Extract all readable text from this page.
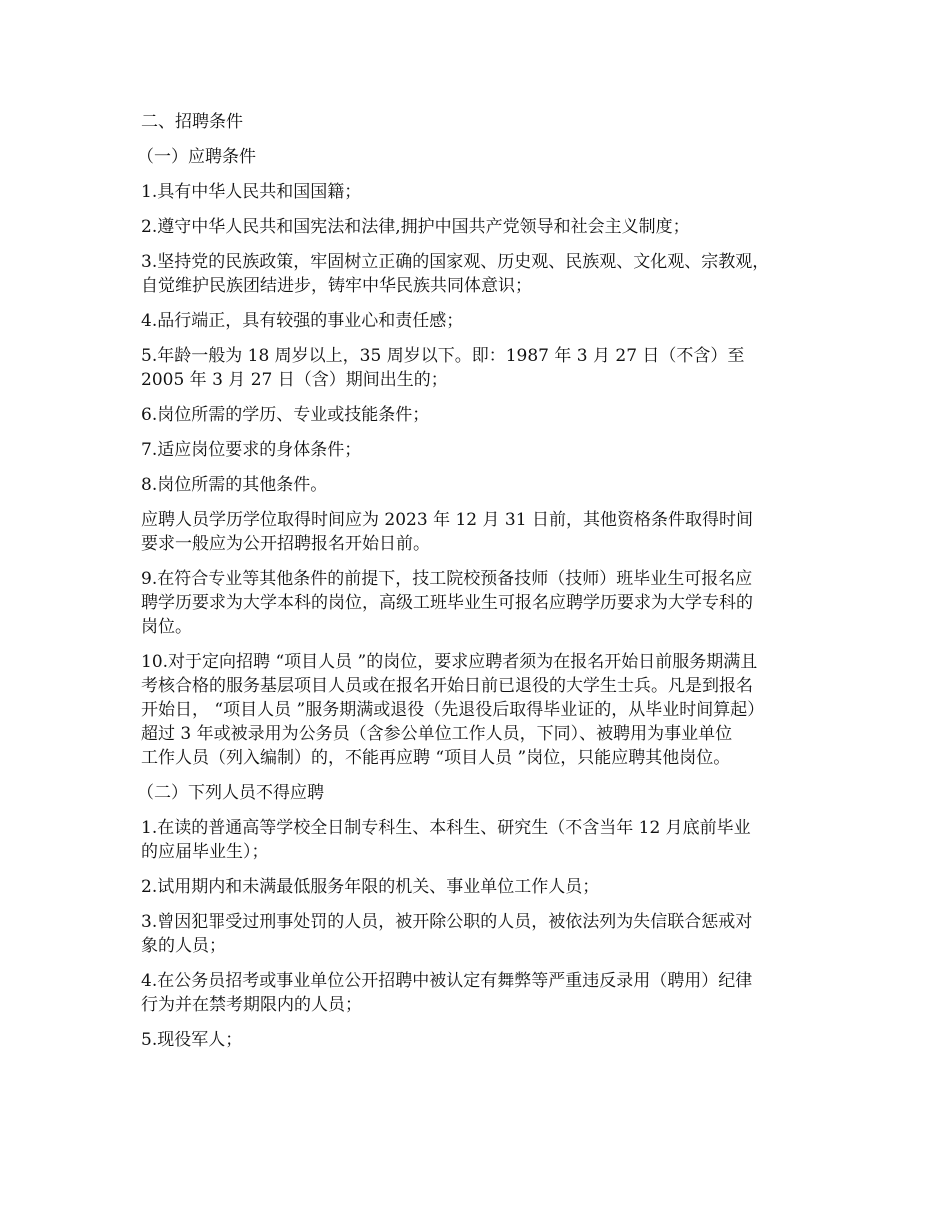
二、招聘条件
（一）应聘条件
1.具有中华人民共和国国籍；
2.遵守中华人民共和国宪法和法律,拥护中国共产党领导和社会主义制度；
3.坚持党的民族政策，牢固树立正确的国家观、历史观、民族观、文化观、宗教观，
自觉维护民族团结进步，铸牢中华民族共同体意识；
4.品行端正，具有较强的事业心和责任感；
5.年龄一般为 18 周岁以上，35 周岁以下。即：1987 年 3 月 27 日（不含）至
2005 年 3 月 27 日（含）期间出生的；
6.岗位所需的学历、专业或技能条件；
7.适应岗位要求的身体条件；
8.岗位所需的其他条件。
应聘人员学历学位取得时间应为 2023 年 12 月 31 日前，其他资格条件取得时间
要求一般应为公开招聘报名开始日前。
9.在符合专业等其他条件的前提下，技工院校预备技师（技师）班毕业生可报名应
聘学历要求为大学本科的岗位，高级工班毕业生可报名应聘学历要求为大学专科的
岗位。
10.对于定向招聘 “项目人员 ”的岗位，要求应聘者须为在报名开始日前服务期满且
考核合格的服务基层项目人员或在报名开始日前已退役的大学生士兵。凡是到报名
开始日， “项目人员 ”服务期满或退役（先退役后取得毕业证的，从毕业时间算起）
超过 3 年或被录用为公务员（含参公单位工作人员，下同）、被聘用为事业单位
工作人员（列入编制）的，不能再应聘 “项目人员 ”岗位，只能应聘其他岗位。
（二）下列人员不得应聘
1.在读的普通高等学校全日制专科生、本科生、研究生（不含当年 12 月底前毕业
的应届毕业生）；
2.试用期内和未满最低服务年限的机关、事业单位工作人员；
3.曾因犯罪受过刑事处罚的人员，被开除公职的人员，被依法列为失信联合惩戒对
象的人员；
4.在公务员招考或事业单位公开招聘中被认定有舞弊等严重违反录用（聘用）纪律
行为并在禁考期限内的人员；
5.现役军人；
